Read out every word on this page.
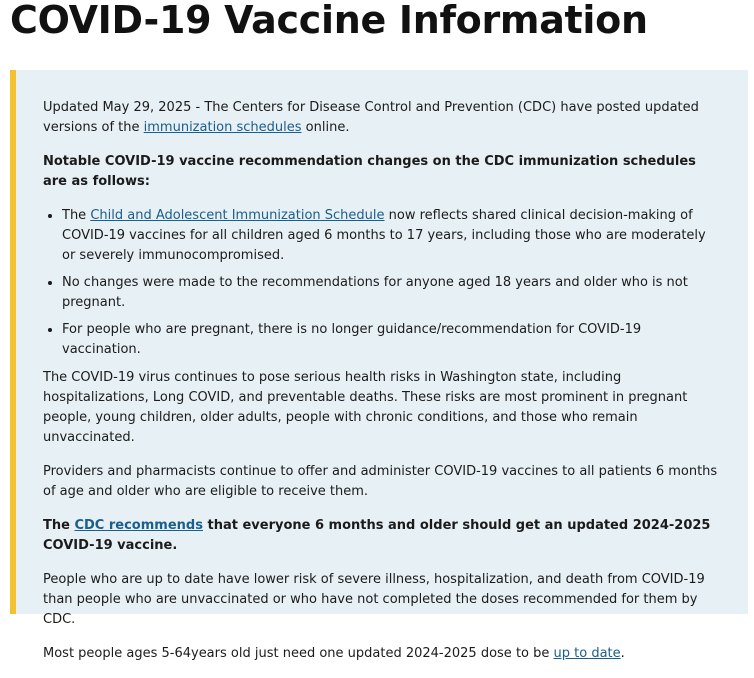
COVID-19 Vaccine Information

Updated May 29, 2025 - The Centers for Disease Control and Prevention (CDC) have posted updated versions of the immunization schedules online.

Notable COVID-19 vaccine recommendation changes on the CDC immunization schedules are as follows:

• The Child and Adolescent Immunization Schedule now reflects shared clinical decision-making of COVID-19 vaccines for all children aged 6 months to 17 years, including those who are moderately or severely immunocompromised.
• No changes were made to the recommendations for anyone aged 18 years and older who is not pregnant.
• For people who are pregnant, there is no longer guidance/recommendation for COVID-19 vaccination.

The COVID-19 virus continues to pose serious health risks in Washington state, including hospitalizations, Long COVID, and preventable deaths. These risks are most prominent in pregnant people, young children, older adults, people with chronic conditions, and those who remain unvaccinated.

Providers and pharmacists continue to offer and administer COVID-19 vaccines to all patients 6 months of age and older who are eligible to receive them.

The CDC recommends that everyone 6 months and older should get an updated 2024-2025 COVID-19 vaccine.

People who are up to date have lower risk of severe illness, hospitalization, and death from COVID-19 than people who are unvaccinated or who have not completed the doses recommended for them by CDC.

Most people ages 5-64years old just need one updated 2024-2025 dose to be up to date.
